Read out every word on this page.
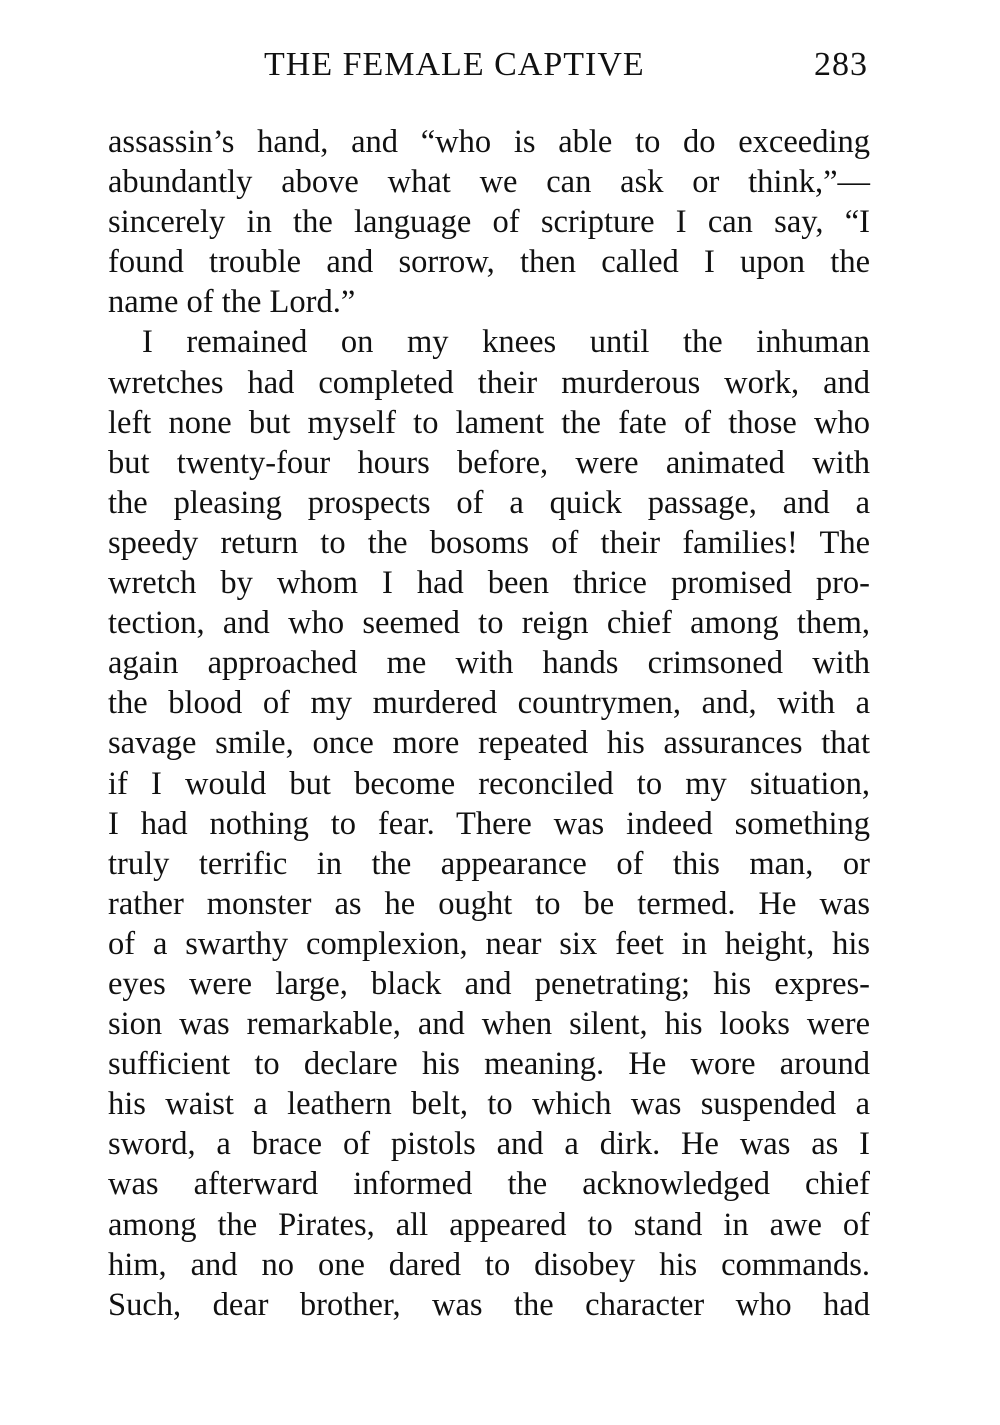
THE FEMALE CAPTIVE	283
assassin’s hand, and “who is able to do exceeding
abundantly above what we can ask or think,”—
sincerely in the language of scripture I can say, “I
found trouble and sorrow, then called I upon the
name of the Lord.”
I remained on my knees until the inhuman
wretches had completed their murderous work, and
left none but myself to lament the fate of those who
but twenty-four hours before, were animated with
the pleasing prospects of a quick passage, and a
speedy return to the bosoms of their families! The
wretch by whom I had been thrice promised pro-
tection, and who seemed to reign chief among them,
again approached me with hands crimsoned with
the blood of my murdered countrymen, and, with a
savage smile, once more repeated his assurances that
if I would but become reconciled to my situation,
I had nothing to fear. There was indeed something
truly terrific in the appearance of this man, or
rather monster as he ought to be termed. He was
of a swarthy complexion, near six feet in height, his
eyes were large, black and penetrating; his expres-
sion was remarkable, and when silent, his looks were
sufficient to declare his meaning. He wore around
his waist a leathern belt, to which was suspended a
sword, a brace of pistols and a dirk. He was as I
was afterward informed the acknowledged chief
among the Pirates, all appeared to stand in awe of
him, and no one dared to disobey his commands.
Such, dear brother, was the character who had
